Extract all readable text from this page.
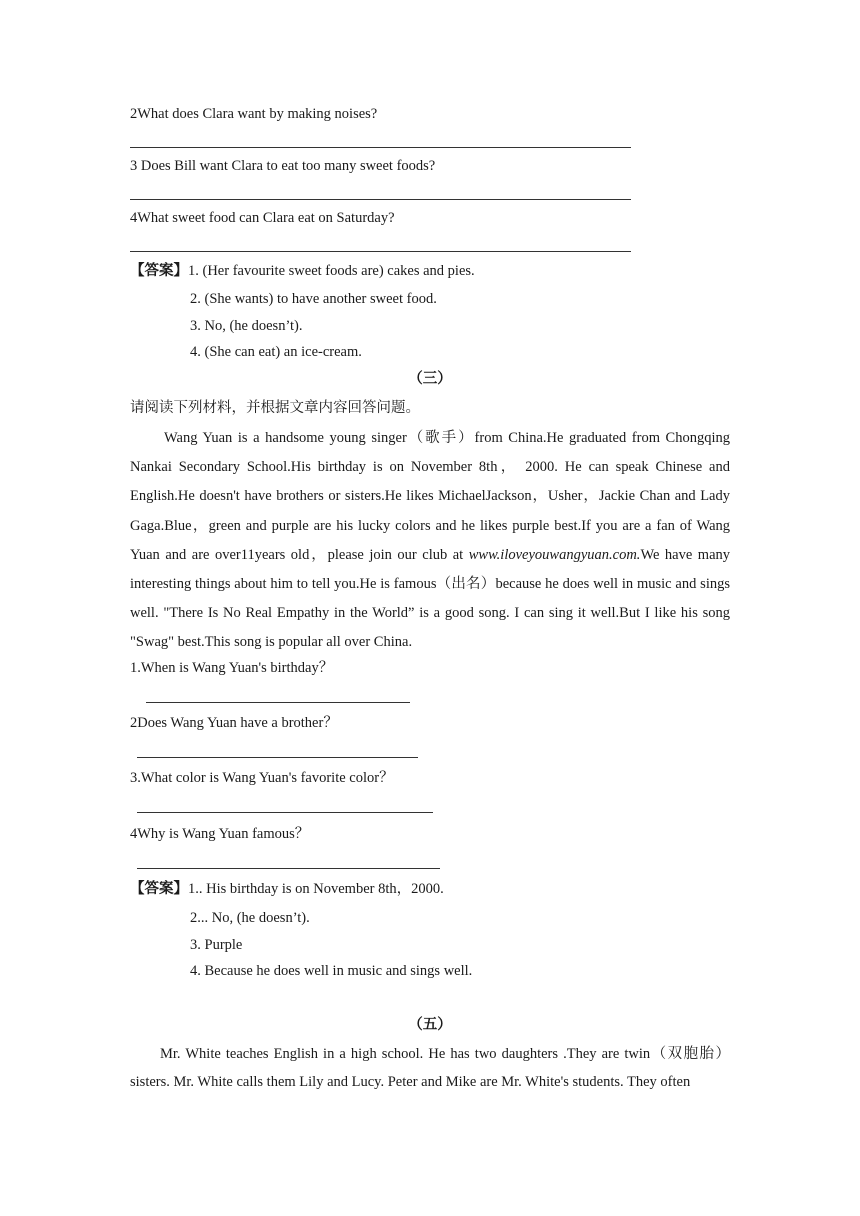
2What does Clara want by making noises?
3 Does Bill want Clara to eat too many sweet foods?
4What sweet food can Clara eat on Saturday?
【答案】1. (Her favourite sweet foods are) cakes and pies.
2. (She wants) to have another sweet food.
3. No, (he doesn’t).
4. (She can eat) an ice-cream.
（三）
请阅读下列材料，并根据文章内容回答问题。
Wang Yuan is a handsome young singer（歌手）from China.He graduated from Chongqing Nankai Secondary School.His birthday is on November 8th， 2000. He can speak Chinese and English.He doesn't have brothers or sisters.He likes MichaelJackson，Usher，Jackie Chan and Lady Gaga.Blue，green and purple are his lucky colors and he likes purple best.If you are a fan of Wang Yuan and are over11years old，please join our club at www.iloveyouwangyuan.com.We have many interesting things about him to tell you.He is famous（出名）because he does well in music and sings well. "There Is No Real Empathy in the World” is a good song. I can sing it well.But I like his song "Swag" best.This song is popular all over China.
1.When is Wang Yuan's birthday？
2Does Wang Yuan have a brother？
3.What color is Wang Yuan's favorite color？
4Why is Wang Yuan famous？
【答案】1.. His birthday is on November 8th，2000.
2... No, (he doesn’t).
3. Purple
4. Because he does well in music and sings well.
（五）
Mr. White teaches English in a high school. He has two daughters .They are twin（双胞胎）sisters. Mr. White calls them Lily and Lucy. Peter and Mike are Mr. White's students. They often
